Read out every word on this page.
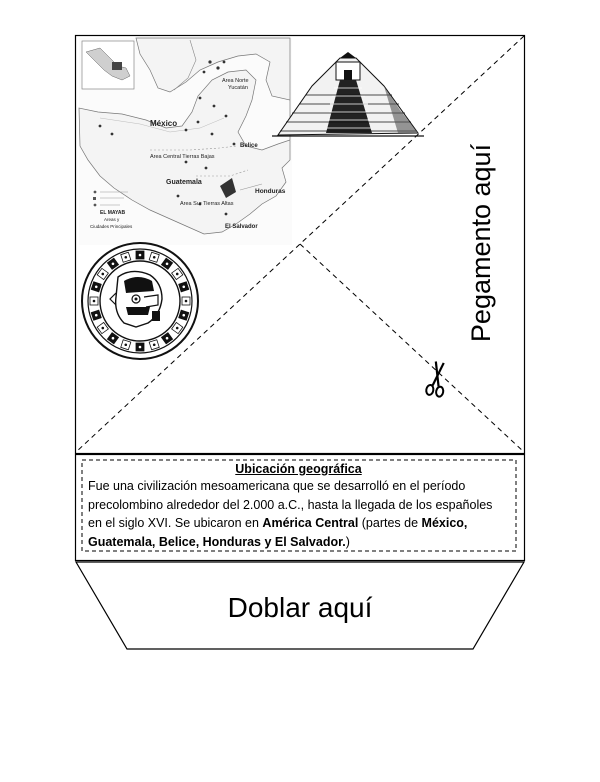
México
Belice
Guatemala
Honduras
El Salvador
Area Norte
Yucatán
Area Central Tierras Bajas
Area Sur Tierras Altas
EL MAYAB
Areas y
Ciudades Principales	Pegamento aquí
Doblar aquí
Ubicación geográfica
Fue una civilización mesoamericana que se desarrolló en el período precolombino alrededor del 2.000 a.C., hasta la llegada de los españoles en el siglo XVI. Se ubicaron en América Central (partes de México, Guatemala, Belice, Honduras y El Salvador.)
